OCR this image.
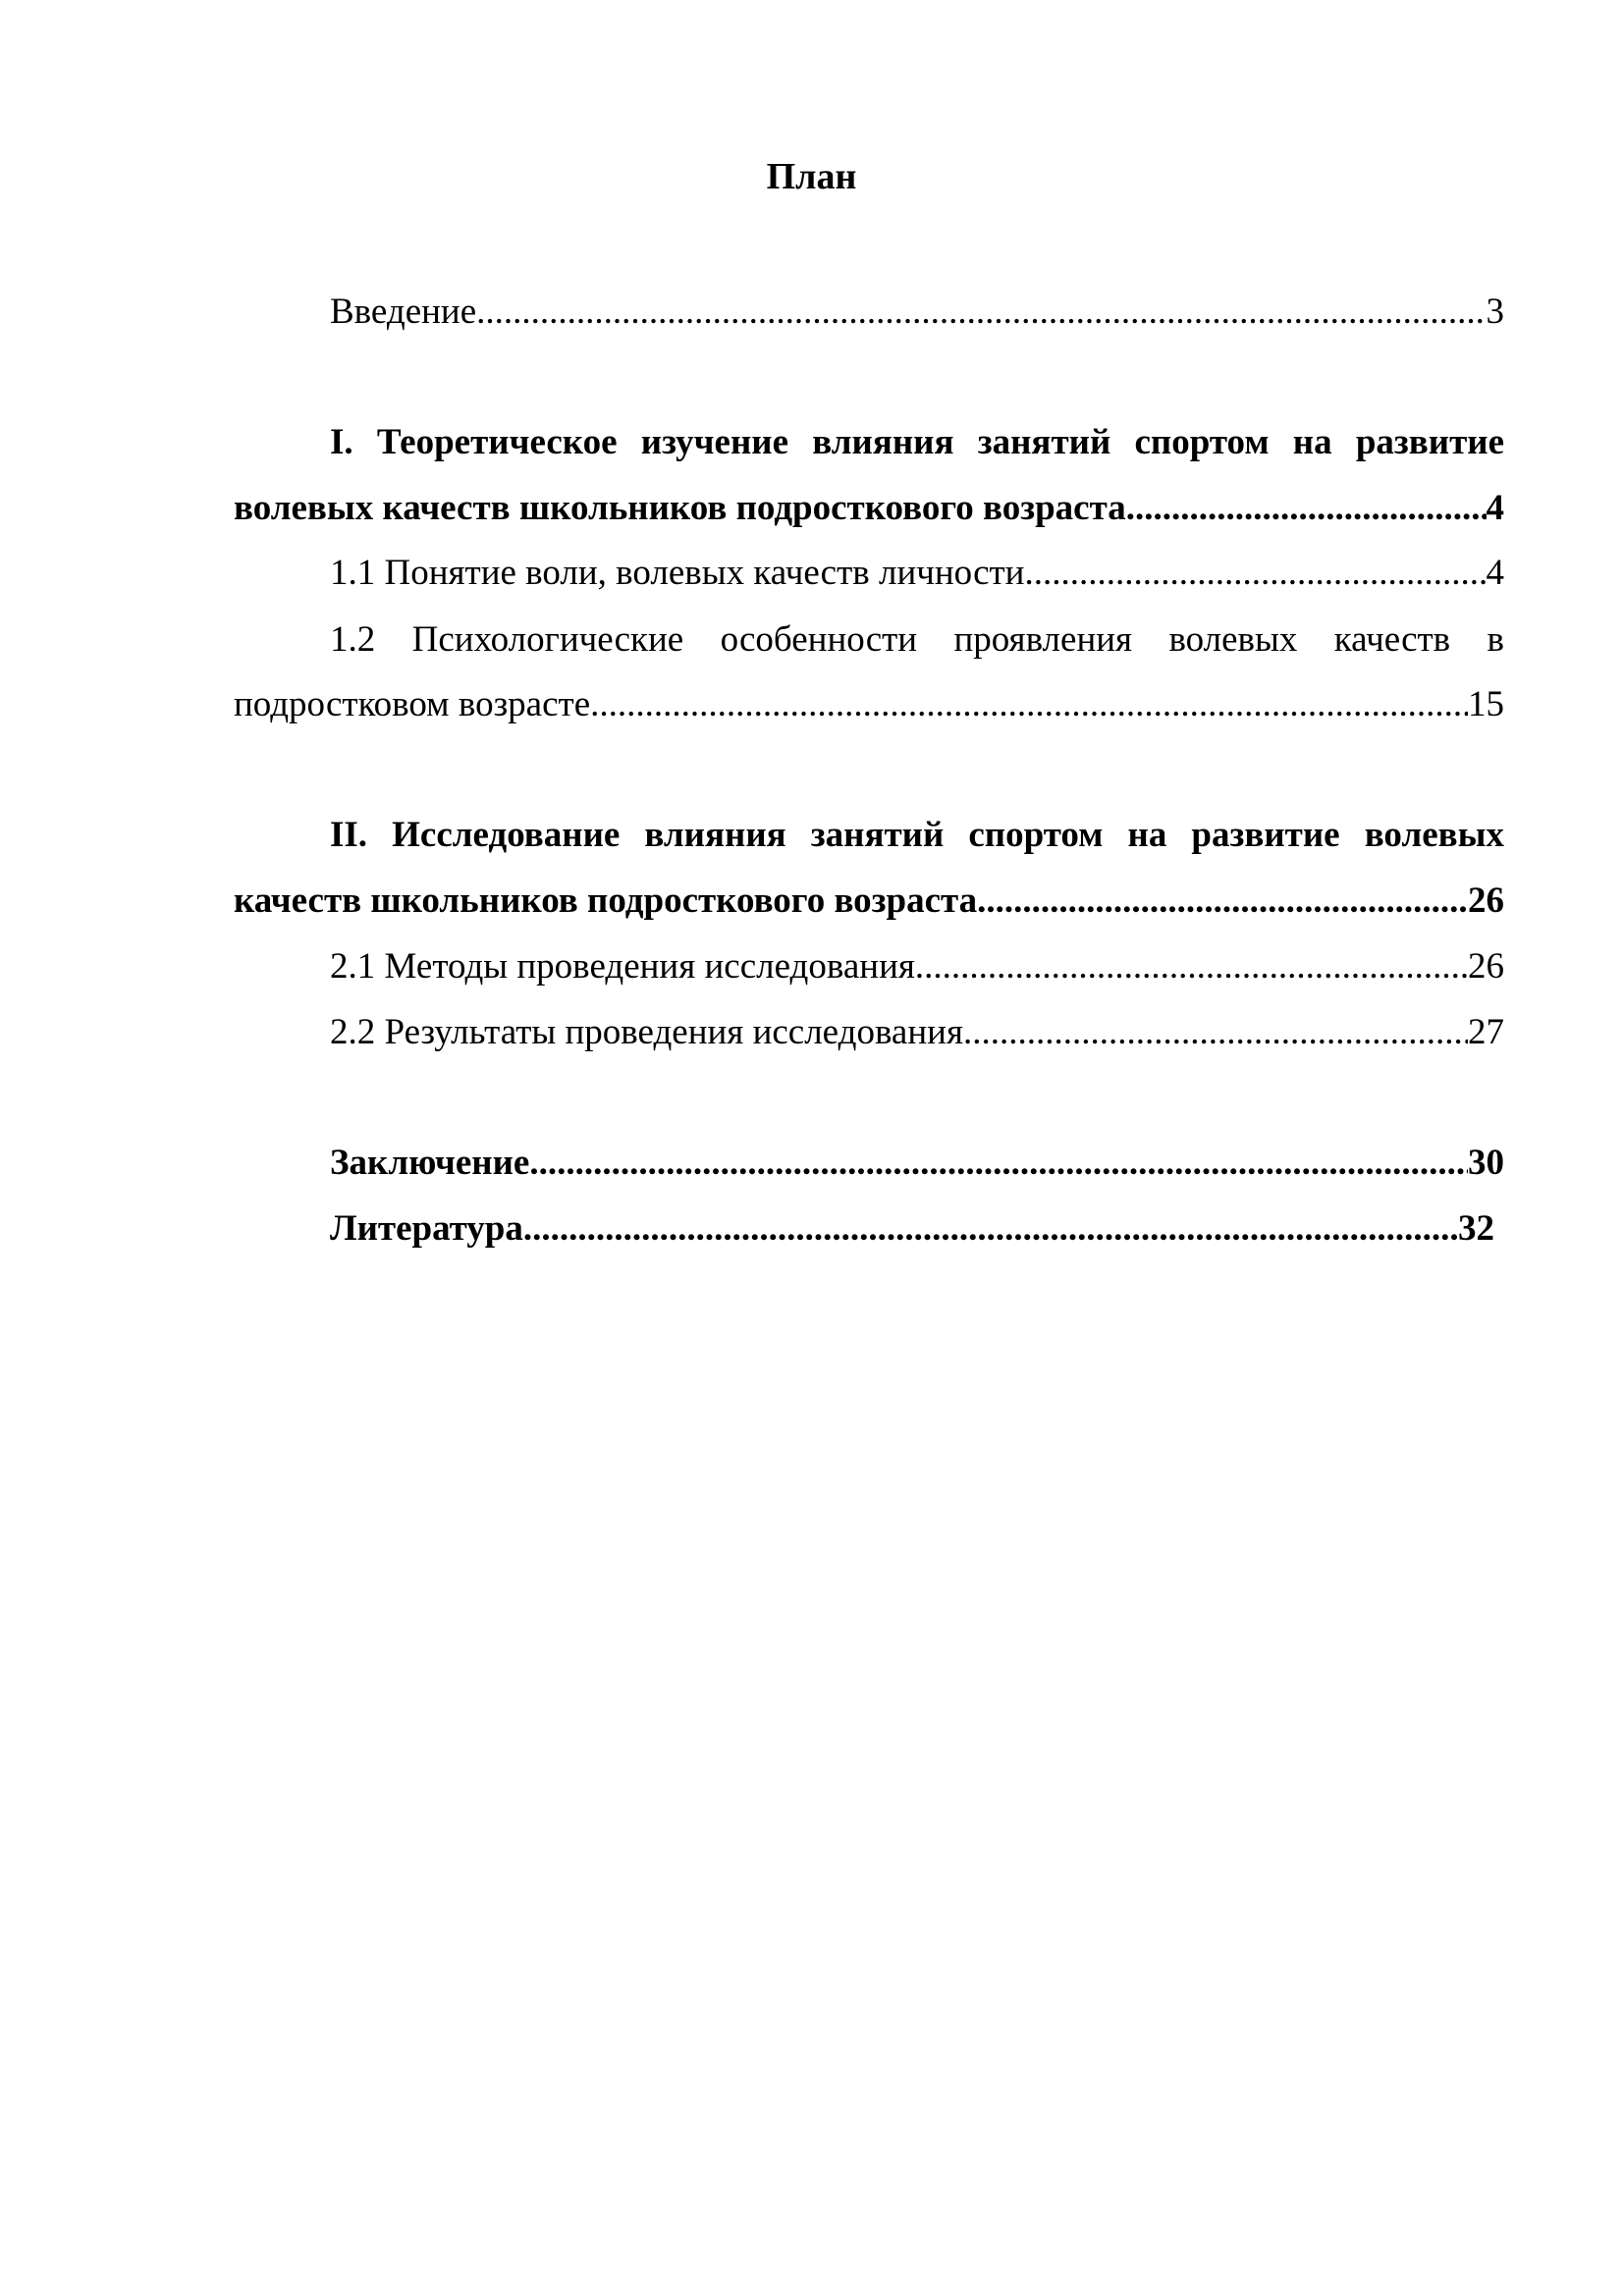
План
Введение .....	3
I. Теоретическое изучение влияния занятий спортом на развитие
волевых качеств школьников подросткового возраста .....	4
1.1 Понятие воли, волевых качеств личности .....	4
1.2 Психологические особенности проявления волевых качеств в
подростковом возрасте .....	15
II. Исследование влияния занятий спортом на развитие волевых
качеств школьников подросткового возраста .....	26
2.1 Методы проведения исследования .....	26
2.2 Результаты проведения исследования .....	27
Заключение .....	30
Литература .....	32
